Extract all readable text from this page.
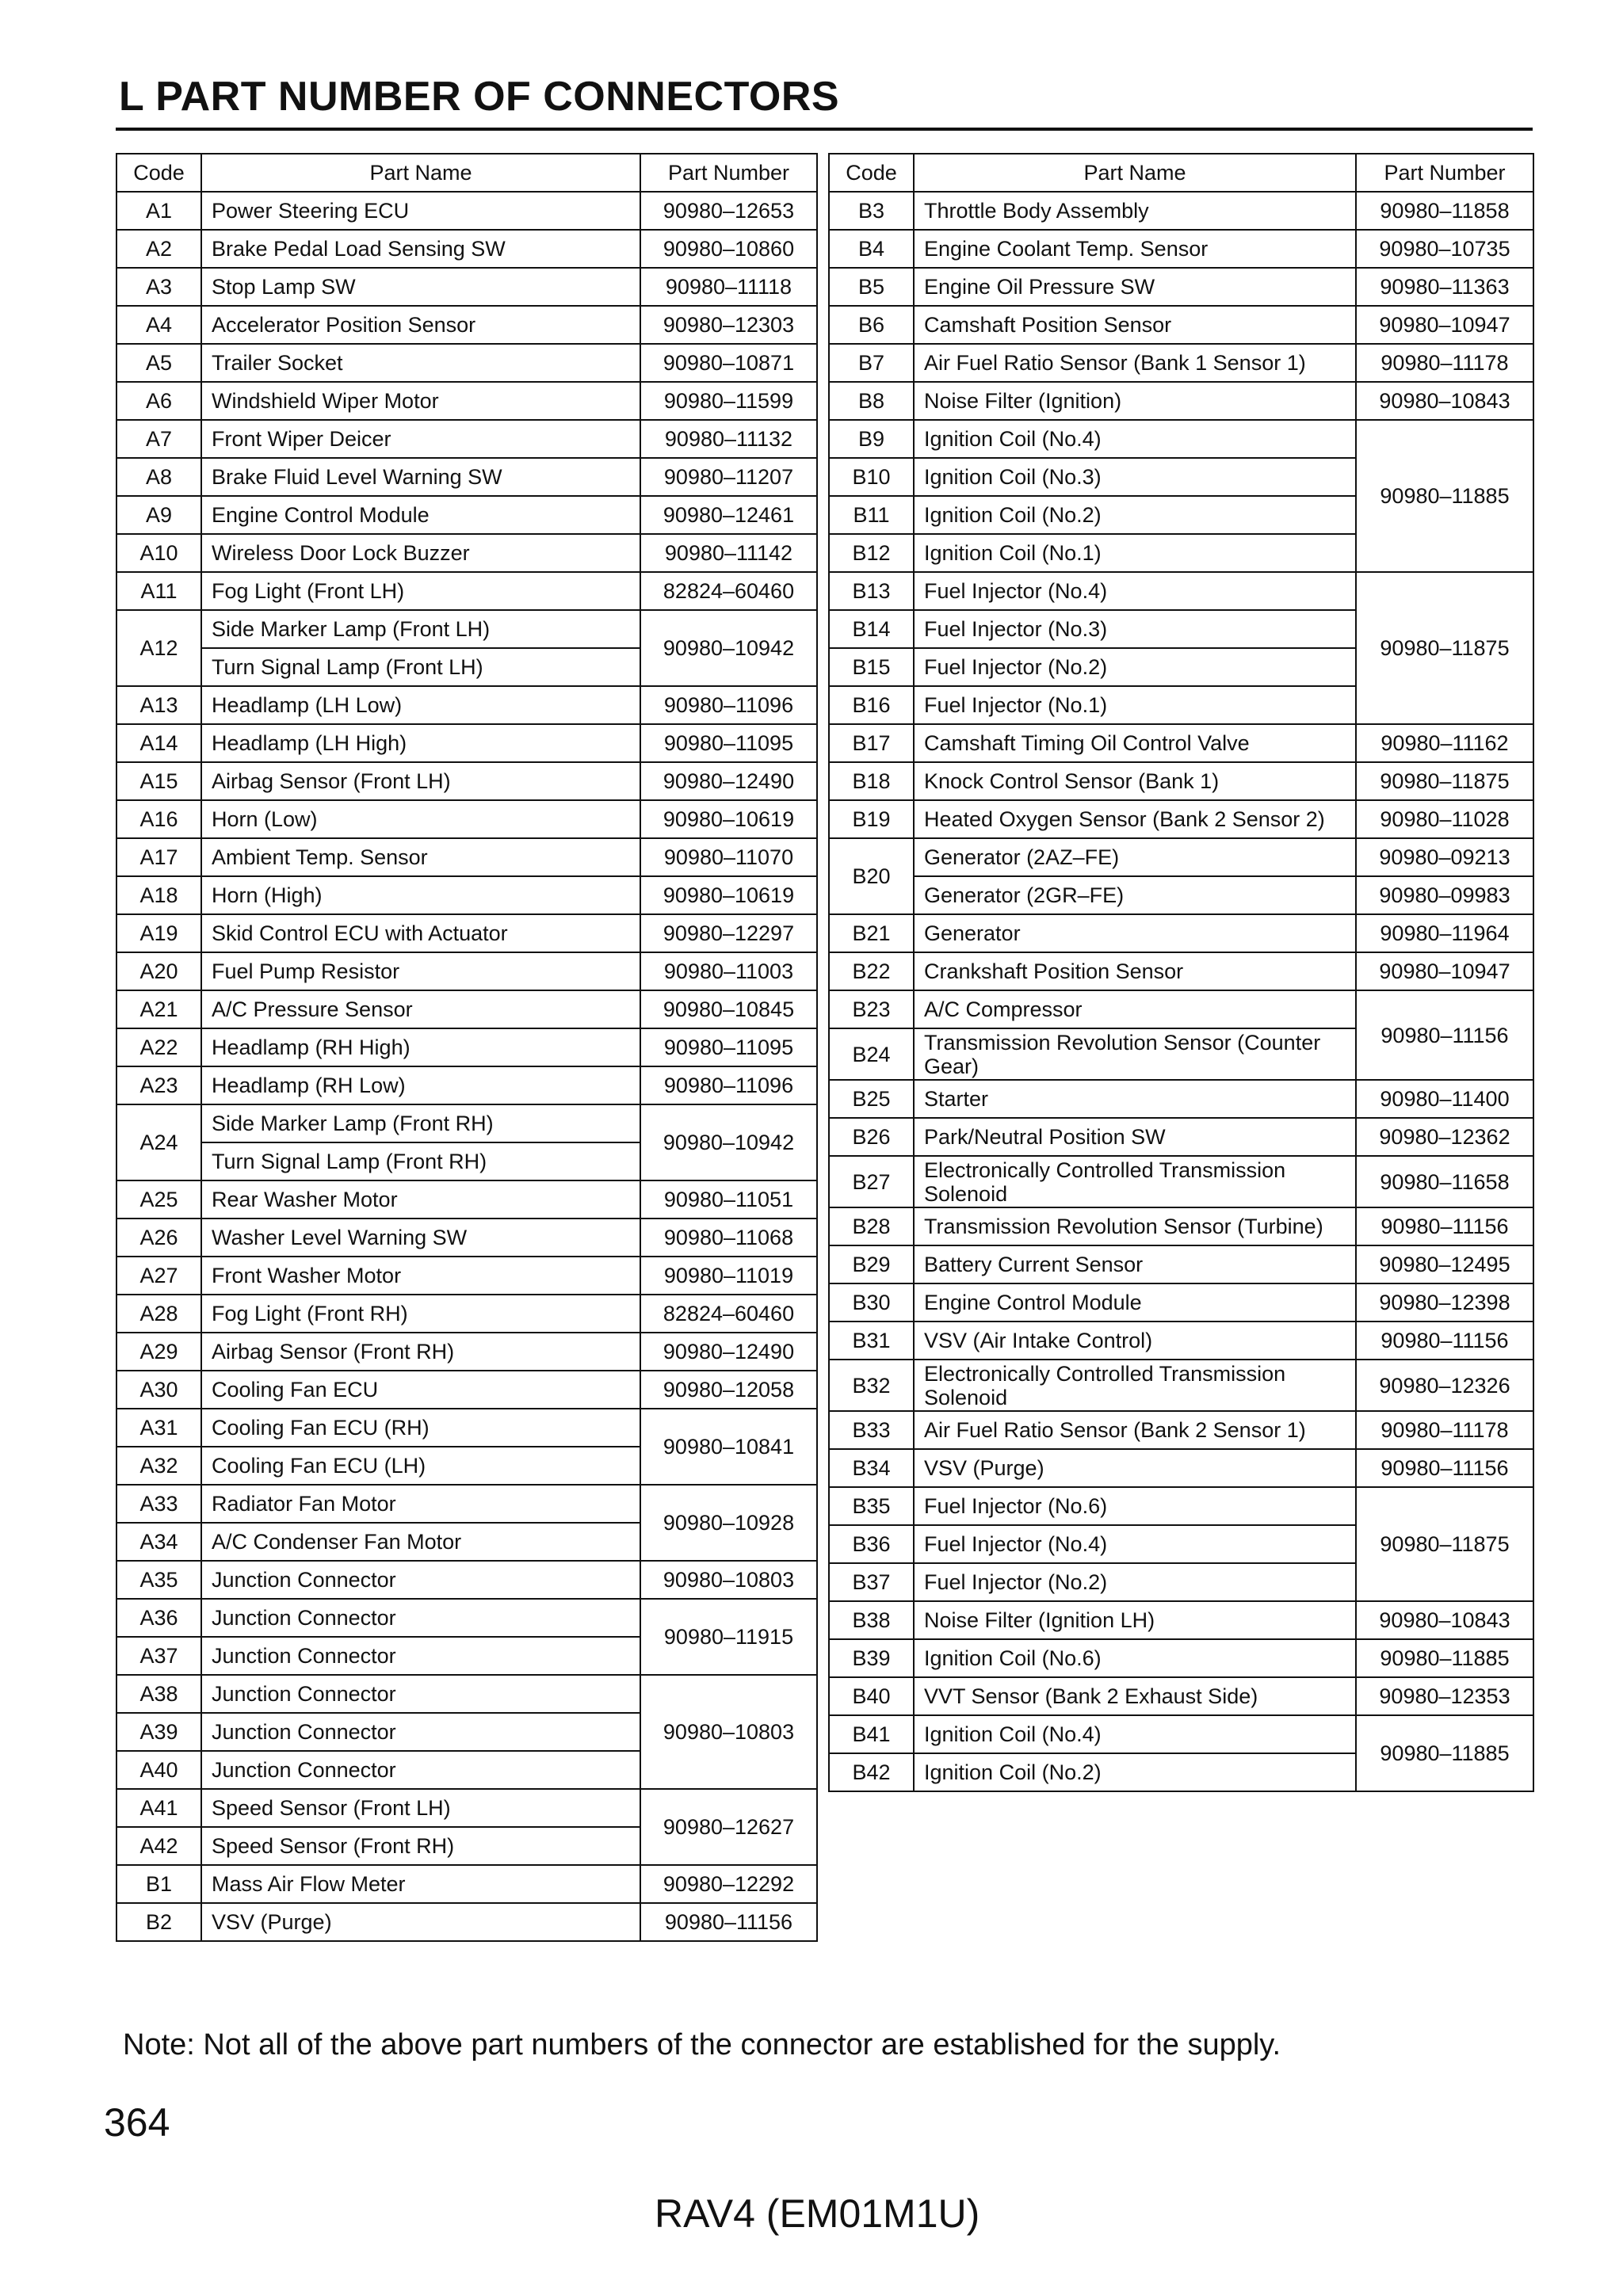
L PART NUMBER OF CONNECTORS
Code	Part Name	Part Number
A1	Power Steering ECU	90980–12653
A2	Brake Pedal Load Sensing SW	90980–10860
A3	Stop Lamp SW	90980–11118
A4	Accelerator Position Sensor	90980–12303
A5	Trailer Socket	90980–10871
A6	Windshield Wiper Motor	90980–11599
A7	Front Wiper Deicer	90980–11132
A8	Brake Fluid Level Warning SW	90980–11207
A9	Engine Control Module	90980–12461
A10	Wireless Door Lock Buzzer	90980–11142
A11	Fog Light (Front LH)	82824–60460
A12	Side Marker Lamp (Front LH)	90980–10942
	Turn Signal Lamp (Front LH)	
A13	Headlamp (LH Low)	90980–11096
A14	Headlamp (LH High)	90980–11095
A15	Airbag Sensor (Front LH)	90980–12490
A16	Horn (Low)	90980–10619
A17	Ambient Temp. Sensor	90980–11070
A18	Horn (High)	90980–10619
A19	Skid Control ECU with Actuator	90980–12297
A20	Fuel Pump Resistor	90980–11003
A21	A/C Pressure Sensor	90980–10845
A22	Headlamp (RH High)	90980–11095
A23	Headlamp (RH Low)	90980–11096
A24	Side Marker Lamp (Front RH)	90980–10942
	Turn Signal Lamp (Front RH)	
A25	Rear Washer Motor	90980–11051
A26	Washer Level Warning SW	90980–11068
A27	Front Washer Motor	90980–11019
A28	Fog Light (Front RH)	82824–60460
A29	Airbag Sensor (Front RH)	90980–12490
A30	Cooling Fan ECU	90980–12058
A31	Cooling Fan ECU (RH)	90980–10841
A32	Cooling Fan ECU (LH)	
A33	Radiator Fan Motor	90980–10928
A34	A/C Condenser Fan Motor	
A35	Junction Connector	90980–10803
A36	Junction Connector	90980–11915
A37	Junction Connector	
A38	Junction Connector	90980–10803
A39	Junction Connector	
A40	Junction Connector	
A41	Speed Sensor (Front LH)	90980–12627
A42	Speed Sensor (Front RH)	
B1	Mass Air Flow Meter	90980–12292
B2	VSV (Purge)	90980–11156
Code	Part Name	Part Number
B3	Throttle Body Assembly	90980–11858
B4	Engine Coolant Temp. Sensor	90980–10735
B5	Engine Oil Pressure SW	90980–11363
B6	Camshaft Position Sensor	90980–10947
B7	Air Fuel Ratio Sensor (Bank 1 Sensor 1)	90980–11178
B8	Noise Filter (Ignition)	90980–10843
B9	Ignition Coil (No.4)	90980–11885
B10	Ignition Coil (No.3)	
B11	Ignition Coil (No.2)	
B12	Ignition Coil (No.1)	
B13	Fuel Injector (No.4)	90980–11875
B14	Fuel Injector (No.3)	
B15	Fuel Injector (No.2)	
B16	Fuel Injector (No.1)	
B17	Camshaft Timing Oil Control Valve	90980–11162
B18	Knock Control Sensor (Bank 1)	90980–11875
B19	Heated Oxygen Sensor (Bank 2 Sensor 2)	90980–11028
B20	Generator (2AZ–FE)	90980–09213
	Generator (2GR–FE)	90980–09983
B21	Generator	90980–11964
B22	Crankshaft Position Sensor	90980–10947
B23	A/C Compressor	90980–11156
B24	Transmission Revolution Sensor (Counter Gear)	
B25	Starter	90980–11400
B26	Park/Neutral Position SW	90980–12362
B27	Electronically Controlled Transmission Solenoid	90980–11658
B28	Transmission Revolution Sensor (Turbine)	90980–11156
B29	Battery Current Sensor	90980–12495
B30	Engine Control Module	90980–12398
B31	VSV (Air Intake Control)	90980–11156
B32	Electronically Controlled Transmission Solenoid	90980–12326
B33	Air Fuel Ratio Sensor (Bank 2 Sensor 1)	90980–11178
B34	VSV (Purge)	90980–11156
B35	Fuel Injector (No.6)	90980–11875
B36	Fuel Injector (No.4)	
B37	Fuel Injector (No.2)	
B38	Noise Filter (Ignition LH)	90980–10843
B39	Ignition Coil (No.6)	90980–11885
B40	VVT Sensor (Bank 2 Exhaust Side)	90980–12353
B41	Ignition Coil (No.4)	90980–11885
B42	Ignition Coil (No.2)	
Note: Not all of the above part numbers of the connector are established for the supply.
364
RAV4 (EM01M1U)
